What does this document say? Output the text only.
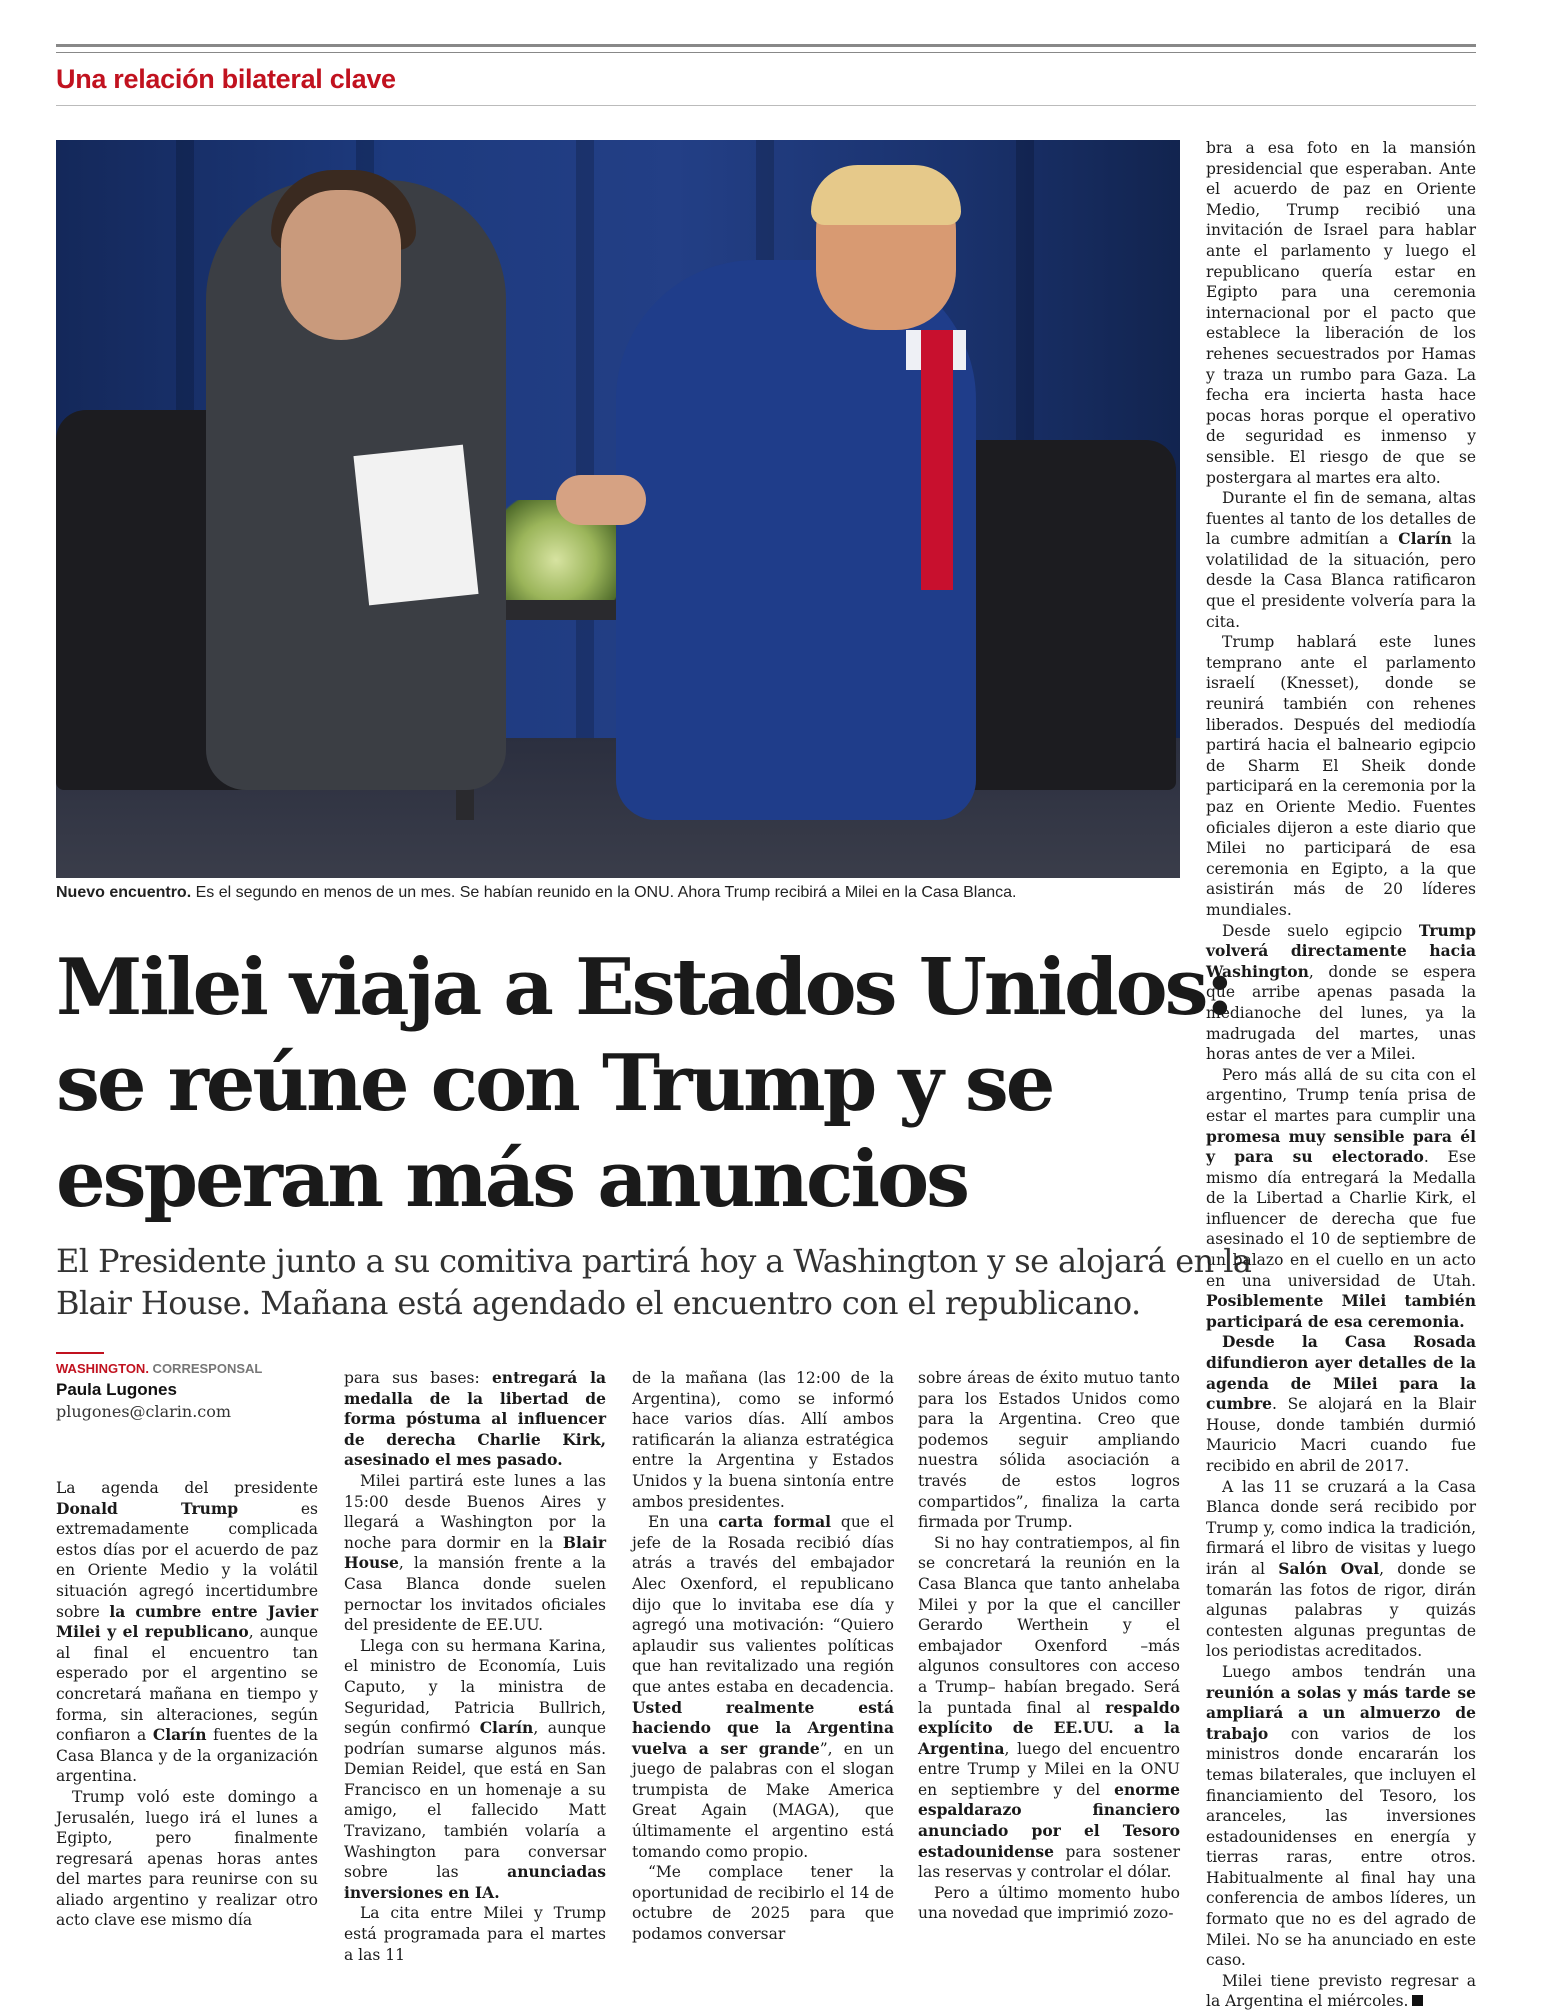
Una relación bilateral clave
Nuevo encuentro. Es el segundo en menos de un mes. Se habían reunido en la ONU. Ahora Trump recibirá a Milei en la Casa Blanca.
Milei viaja a Estados Unidos:
se reúne con Trump y se
esperan más anuncios
El Presidente junto a su comitiva partirá hoy a Washington y se alojará en la
Blair House. Mañana está agendado el encuentro con el republicano.
WASHINGTON. CORRESPONSAL
Paula Lugones
plugones@clarin.com

La agenda del presidente Donald Trump es extremadamente complicada estos días por el acuerdo de paz en Oriente Medio y la volátil situación agregó incertidumbre sobre la cumbre entre Javier Milei y el republicano, aunque al final el encuentro tan esperado por el argentino se concretará mañana en tiempo y forma, sin alteraciones, según confiaron a Clarín fuentes de la Casa Blanca y de la organización argentina.

Trump voló este domingo a Jerusalén, luego irá el lunes a Egipto, pero finalmente regresará apenas horas antes del martes para reunirse con su aliado argentino y realizar otro acto clave ese mismo día

para sus bases: entregará la medalla de la libertad de forma póstuma al influencer de derecha Charlie Kirk, asesinado el mes pasado.

Milei partirá este lunes a las 15:00 desde Buenos Aires y llegará a Washington por la noche para dormir en la Blair House, la mansión frente a la Casa Blanca donde suelen pernoctar los invitados oficiales del presidente de EE.UU.

Llega con su hermana Karina, el ministro de Economía, Luis Caputo, y la ministra de Seguridad, Patricia Bullrich, según confirmó Clarín, aunque podrían sumarse algunos más. Demian Reidel, que está en San Francisco en un homenaje a su amigo, el fallecido Matt Travizano, también volaría a Washington para conversar sobre las anunciadas inversiones en IA.

La cita entre Milei y Trump está programada para el martes a las 11

de la mañana (las 12:00 de la Argentina), como se informó hace varios días. Allí ambos ratificarán la alianza estratégica entre la Argentina y Estados Unidos y la buena sintonía entre ambos presidentes.

En una carta formal que el jefe de la Rosada recibió días atrás a través del embajador Alec Oxenford, el republicano dijo que lo invitaba ese día y agregó una motivación: “Quiero aplaudir sus valientes políticas que han revitalizado una región que antes estaba en decadencia. Usted realmente está haciendo que la Argentina vuelva a ser grande”, en un juego de palabras con el slogan trumpista de Make America Great Again (MAGA), que últimamente el argentino está tomando como propio.

“Me complace tener la oportunidad de recibirlo el 14 de octubre de 2025 para que podamos conversar

sobre áreas de éxito mutuo tanto para los Estados Unidos como para la Argentina. Creo que podemos seguir ampliando nuestra sólida asociación a través de estos logros compartidos”, finaliza la carta firmada por Trump.

Si no hay contratiempos, al fin se concretará la reunión en la Casa Blanca que tanto anhelaba Milei y por la que el canciller Gerardo Werthein y el embajador Oxenford –más algunos consultores con acceso a Trump– habían bregado. Será la puntada final al respaldo explícito de EE.UU. a la Argentina, luego del encuentro entre Trump y Milei en la ONU en septiembre y del enorme espaldarazo financiero anunciado por el Tesoro estadounidense para sostener las reservas y controlar el dólar.

Pero a último momento hubo una novedad que imprimió zozo-

bra a esa foto en la mansión presidencial que esperaban. Ante el acuerdo de paz en Oriente Medio, Trump recibió una invitación de Israel para hablar ante el parlamento y luego el republicano quería estar en Egipto para una ceremonia internacional por el pacto que establece la liberación de los rehenes secuestrados por Hamas y traza un rumbo para Gaza. La fecha era incierta hasta hace pocas horas porque el operativo de seguridad es inmenso y sensible. El riesgo de que se postergara al martes era alto.

Durante el fin de semana, altas fuentes al tanto de los detalles de la cumbre admitían a Clarín la volatilidad de la situación, pero desde la Casa Blanca ratificaron que el presidente volvería para la cita.

Trump hablará este lunes temprano ante el parlamento israelí (Knesset), donde se reunirá también con rehenes liberados. Después del mediodía partirá hacia el balneario egipcio de Sharm El Sheik donde participará en la ceremonia por la paz en Oriente Medio. Fuentes oficiales dijeron a este diario que Milei no participará de esa ceremonia en Egipto, a la que asistirán más de 20 líderes mundiales.

Desde suelo egipcio Trump volverá directamente hacia Washington, donde se espera que arribe apenas pasada la medianoche del lunes, ya la madrugada del martes, unas horas antes de ver a Milei.

Pero más allá de su cita con el argentino, Trump tenía prisa de estar el martes para cumplir una promesa muy sensible para él y para su electorado. Ese mismo día entregará la Medalla de la Libertad a Charlie Kirk, el influencer de derecha que fue asesinado el 10 de septiembre de un balazo en el cuello en un acto en una universidad de Utah. Posiblemente Milei también participará de esa ceremonia.

Desde la Casa Rosada difundieron ayer detalles de la agenda de Milei para la cumbre. Se alojará en la Blair House, donde también durmió Mauricio Macri cuando fue recibido en abril de 2017.

A las 11 se cruzará a la Casa Blanca donde será recibido por Trump y, como indica la tradición, firmará el libro de visitas y luego irán al Salón Oval, donde se tomarán las fotos de rigor, dirán algunas palabras y quizás contesten algunas preguntas de los periodistas acreditados.

Luego ambos tendrán una reunión a solas y más tarde se ampliará a un almuerzo de trabajo con varios de los ministros donde encararán los temas bilaterales, que incluyen el financiamiento del Tesoro, los aranceles, las inversiones estadounidenses en energía y tierras raras, entre otros. Habitualmente al final hay una conferencia de ambos líderes, un formato que no es del agrado de Milei. No se ha anunciado en este caso.

Milei tiene previsto regresar a la Argentina el miércoles.
